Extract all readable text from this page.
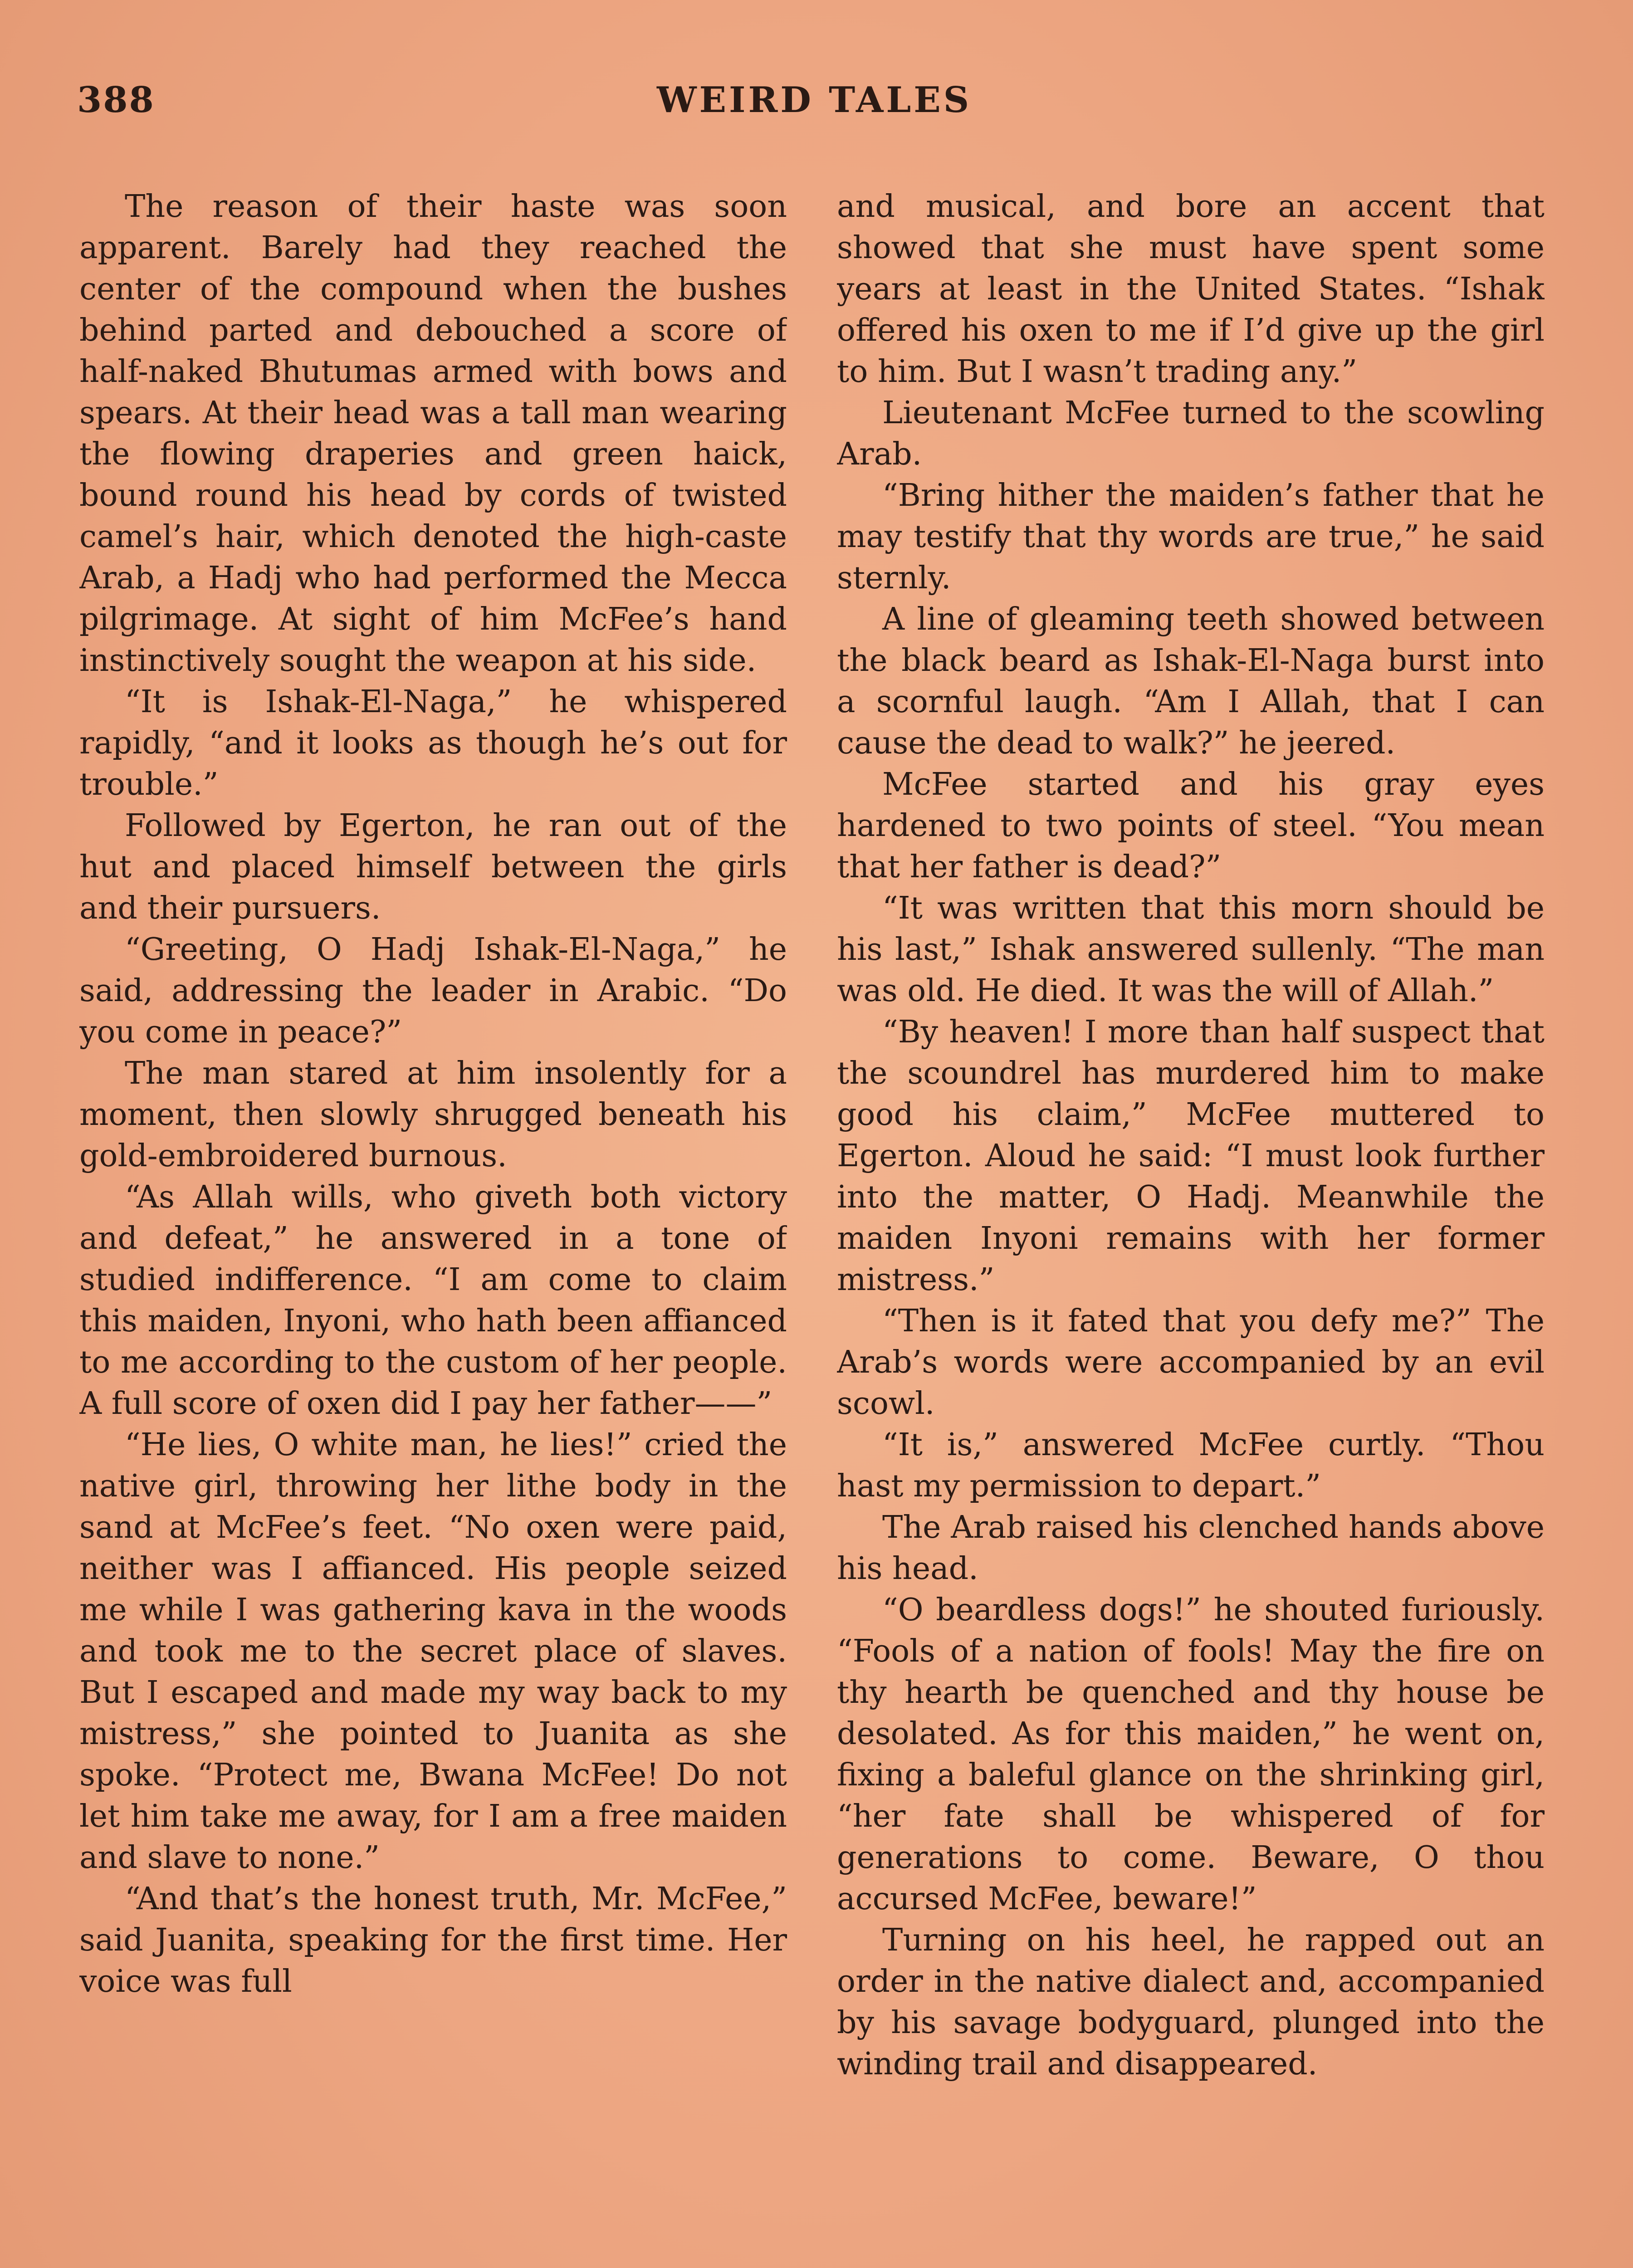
388	WEIRD TALES

The reason of their haste was soon apparent. Barely had they reached the center of the compound when the bushes behind parted and debouched a score of half-naked Bhutumas armed with bows and spears. At their head was a tall man wearing the flowing draperies and green haick, bound round his head by cords of twisted camel’s hair, which denoted the high-caste Arab, a Hadj who had performed the Mecca pilgrimage. At sight of him McFee’s hand instinctively sought the weapon at his side.

“It is Ishak-El-Naga,” he whispered rapidly, “and it looks as though he’s out for trouble.”

Followed by Egerton, he ran out of the hut and placed himself between the girls and their pursuers.

“Greeting, O Hadj Ishak-El-Naga,” he said, addressing the leader in Arabic. “Do you come in peace?”

The man stared at him insolently for a moment, then slowly shrugged beneath his gold-embroidered burnous.

“As Allah wills, who giveth both victory and defeat,” he answered in a tone of studied indifference. “I am come to claim this maiden, Inyoni, who hath been affianced to me according to the custom of her people. A full score of oxen did I pay her father——”

“He lies, O white man, he lies!” cried the native girl, throwing her lithe body in the sand at McFee’s feet. “No oxen were paid, neither was I affianced. His people seized me while I was gathering kava in the woods and took me to the secret place of slaves. But I escaped and made my way back to my mistress,” she pointed to Juanita as she spoke. “Protect me, Bwana McFee! Do not let him take me away, for I am a free maiden and slave to none.”

“And that’s the honest truth, Mr. McFee,” said Juanita, speaking for the first time. Her voice was full

and musical, and bore an accent that showed that she must have spent some years at least in the United States. “Ishak offered his oxen to me if I’d give up the girl to him. But I wasn’t trading any.”

Lieutenant McFee turned to the scowling Arab.

“Bring hither the maiden’s father that he may testify that thy words are true,” he said sternly.

A line of gleaming teeth showed between the black beard as Ishak-El-Naga burst into a scornful laugh. “Am I Allah, that I can cause the dead to walk?” he jeered.

McFee started and his gray eyes hardened to two points of steel. “You mean that her father is dead?”

“It was written that this morn should be his last,” Ishak answered sullenly. “The man was old. He died. It was the will of Allah.”

“By heaven! I more than half suspect that the scoundrel has murdered him to make good his claim,” McFee muttered to Egerton. Aloud he said: “I must look further into the matter, O Hadj. Meanwhile the maiden Inyoni remains with her former mistress.”

“Then is it fated that you defy me?” The Arab’s words were accompanied by an evil scowl.

“It is,” answered McFee curtly. “Thou hast my permission to depart.”

The Arab raised his clenched hands above his head.

“O beardless dogs!” he shouted furiously. “Fools of a nation of fools! May the fire on thy hearth be quenched and thy house be desolated. As for this maiden,” he went on, fixing a baleful glance on the shrinking girl, “her fate shall be whispered of for generations to come. Beware, O thou accursed McFee, beware!”

Turning on his heel, he rapped out an order in the native dialect and, accompanied by his savage bodyguard, plunged into the winding trail and disappeared.
